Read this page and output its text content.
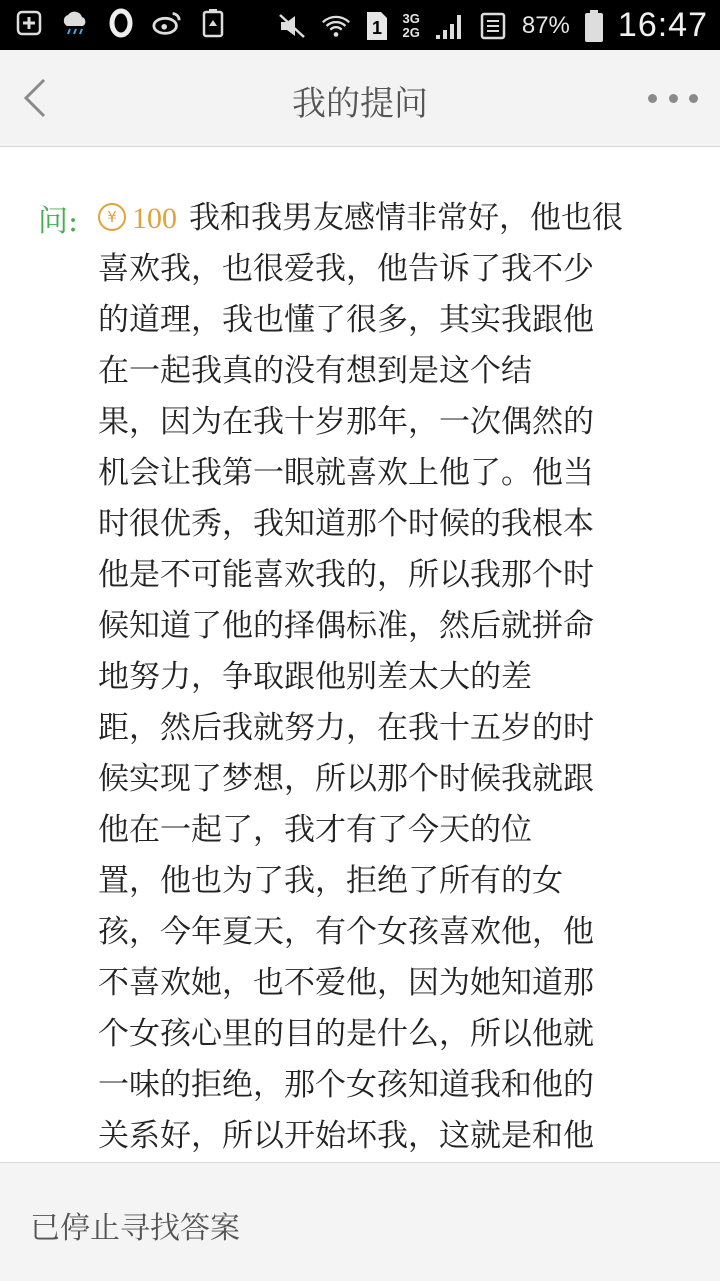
1 3G
2G	87% 16:47
我的提问
问:	¥ 100 我和我男友感情非常好，他也很
喜欢我，也很爱我，他告诉了我不少
的道理，我也懂了很多，其实我跟他
在一起我真的没有想到是这个结
果，因为在我十岁那年，一次偶然的
机会让我第一眼就喜欢上他了。他当
时很优秀，我知道那个时候的我根本
他是不可能喜欢我的，所以我那个时
候知道了他的择偶标准，然后就拼命
地努力，争取跟他别差太大的差
距，然后我就努力，在我十五岁的时
候实现了梦想，所以那个时候我就跟
他在一起了，我才有了今天的位
置，他也为了我，拒绝了所有的女
孩，今年夏天，有个女孩喜欢他，他
不喜欢她，也不爱他，因为她知道那
个女孩心里的目的是什么，所以他就
一味的拒绝，那个女孩知道我和他的
关系好，所以开始坏我，这就是和他
已停止寻找答案
